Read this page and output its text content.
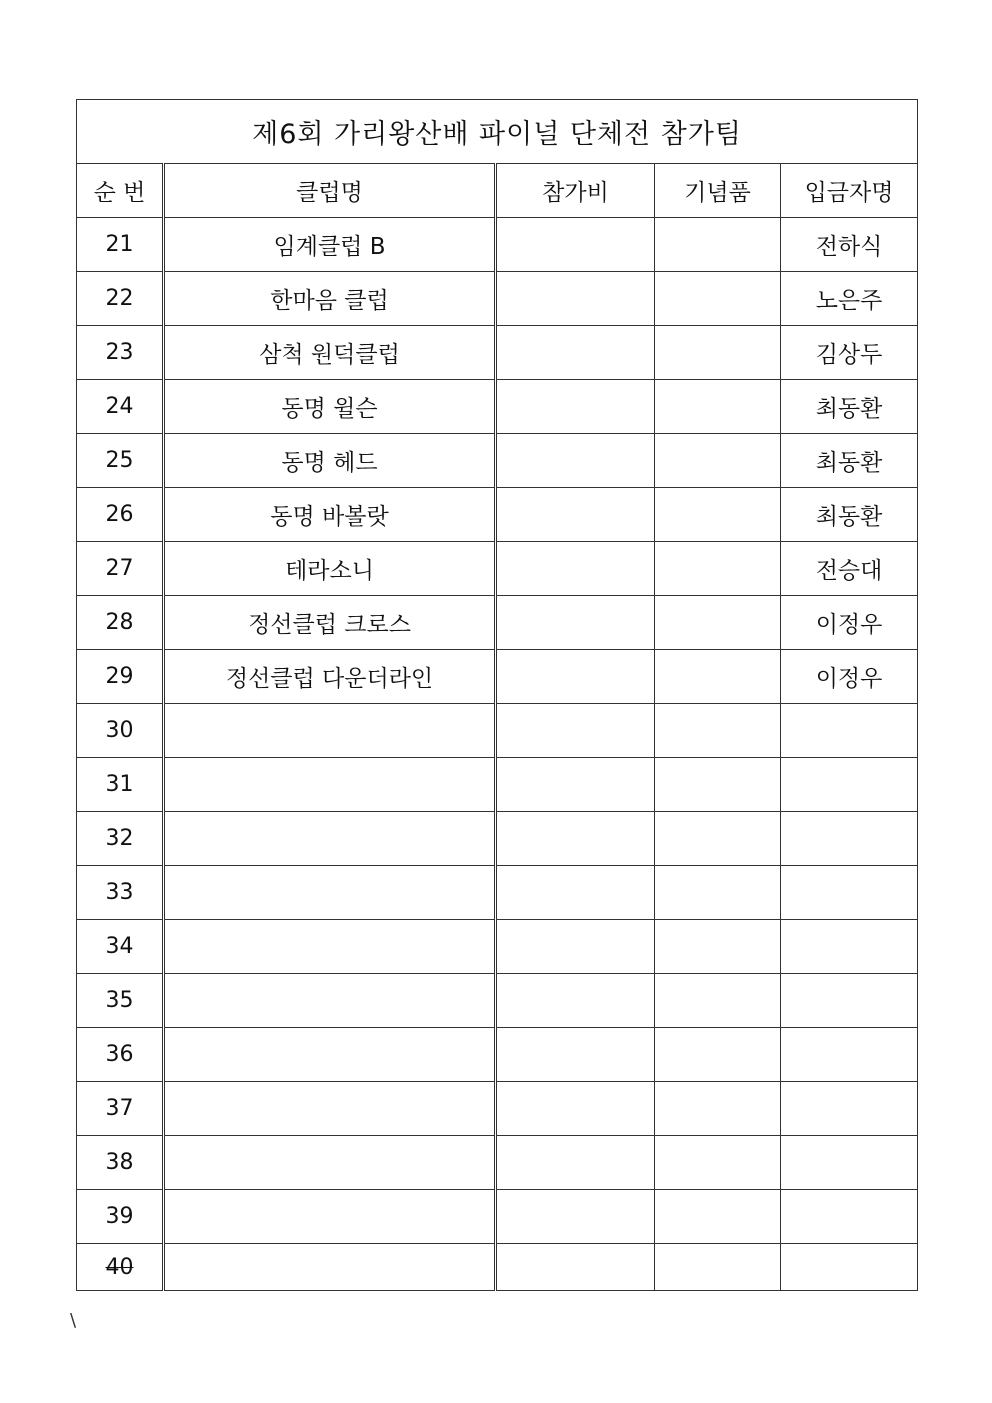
제6회 가리왕산배 파이널 단체전 참가팀				
순 번	클럽명	참가비	기념품	입금자명
21	임계클럽 B			전하식
22	한마음 클럽			노은주
23	삼척 원덕클럽			김상두
24	동명 윌슨			최동환
25	동명 헤드			최동환
26	동명 바볼랏			최동환
27	테라소니			전승대
28	정선클럽 크로스			이정우
29	정선클럽 다운더라인			이정우
30				
31				
32				
33				
34				
35				
36				
37				
38				
39				
40				
\
